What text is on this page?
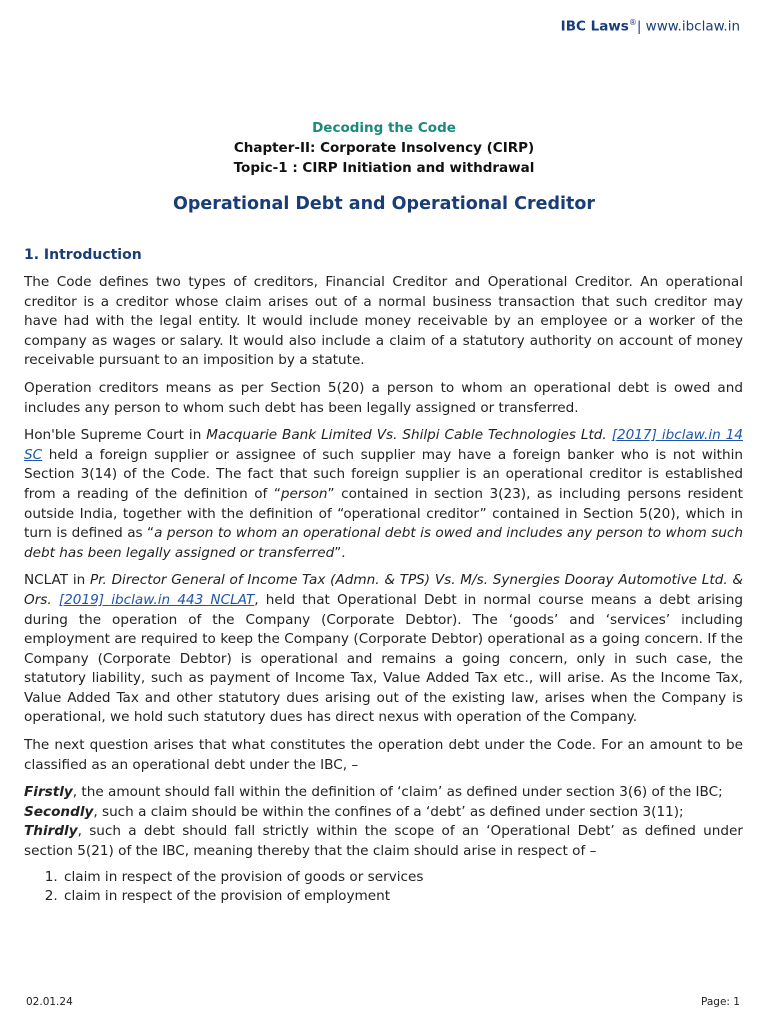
IBC Laws®| www.ibclaw.in
Decoding the Code
Chapter-II: Corporate Insolvency (CIRP)
Topic-1 : CIRP Initiation and withdrawal
Operational Debt and Operational Creditor
1. Introduction

The Code defines two types of creditors, Financial Creditor and Operational Creditor. An operational creditor is a creditor whose claim arises out of a normal business transaction that such creditor may have had with the legal entity. It would include money receivable by an employee or a worker of the company as wages or salary. It would also include a claim of a statutory authority on account of money receivable pursuant to an imposition by a statute.

Operation creditors means as per Section 5(20) a person to whom an operational debt is owed and includes any person to whom such debt has been legally assigned or transferred.

Hon'ble Supreme Court in Macquarie Bank Limited Vs. Shilpi Cable Technologies Ltd. [2017] ibclaw.in 14 SC held a foreign supplier or assignee of such supplier may have a foreign banker who is not within Section 3(14) of the Code. The fact that such foreign supplier is an operational creditor is established from a reading of the definition of “person” contained in section 3(23), as including persons resident outside India, together with the definition of “operational creditor” contained in Section 5(20), which in turn is defined as “a person to whom an operational debt is owed and includes any person to whom such debt has been legally assigned or transferred”.

NCLAT in Pr. Director General of Income Tax (Admn. & TPS) Vs. M/s. Synergies Dooray Automotive Ltd. & Ors. [2019] ibclaw.in 443 NCLAT, held that Operational Debt in normal course means a debt arising during the operation of the Company (Corporate Debtor). The ‘goods’ and ‘services’ including employment are required to keep the Company (Corporate Debtor) operational as a going concern. If the Company (Corporate Debtor) is operational and remains a going concern, only in such case, the statutory liability, such as payment of Income Tax, Value Added Tax etc., will arise. As the Income Tax, Value Added Tax and other statutory dues arising out of the existing law, arises when the Company is operational, we hold such statutory dues has direct nexus with operation of the Company.

The next question arises that what constitutes the operation debt under the Code. For an amount to be classified as an operational debt under the IBC, –

Firstly, the amount should fall within the definition of ‘claim’ as defined under section 3(6) of the IBC;

Secondly, such a claim should be within the confines of a ‘debt’ as defined under section 3(11);

Thirdly, such a debt should fall strictly within the scope of an ‘Operational Debt’ as defined under section 5(21) of the IBC, meaning thereby that the claim should arise in respect of –

1. claim in respect of the provision of goods or services
2. claim in respect of the provision of employment
02.01.24	Page: 1
